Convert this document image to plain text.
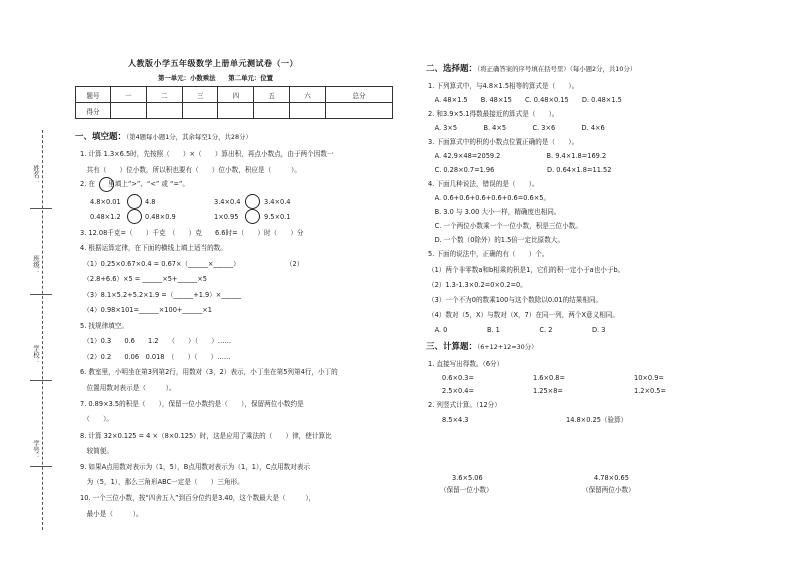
姓名：
班级：
学校：
学号：
人教版小学五年级数学上册单元测试卷（一）
第一单元：小数乘法　　第二单元：位置
题号	一	二	三	四	五	六	总分
得分							
一、填空题：（第4题每小题1分，其余每空1分，共28分）
1. 计算 1.3×6.5时，先按照（　　）×（　　）算出积，再点小数点，由于两个因数一
　共有（　　）位小数，所以积也要有（　　）位小数，积应是（　　　）。
2. 在　　里填上“>”、“<” 或 “=”。
4.8×0.01	4.8	3.4×0.4	3.4×0.4
0.48×1.2	0.48×0.9	1×0.95	9.5×0.1
3. 12.08千克=（　　）千克　（　　）克　　6.6时=（　　）时（　　）分
4. 根据运算定律，在下面的横线上填上适当的数。
　（1）0.25×0.67×0.4 = 0.67×（______×______）　　　　　　　　（2）
　（2.8+6.6）×5 = ______×5+______×5
　（3）8.1×5.2+5.2×1.9 =（______+1.9）×______
　（4）0.98×101=______×100+______×1
5. 找规律填空。
　（1）0.3　　0.6　　1.2　　（　　）（　　）……
　（2）0.2　　0.06　0.018　（　　）（　　）……
6. 教室里，小明坐在第3列第2行，用数对（3，2）表示，小丁坐在第5列第4行，小丁的
　位置用数对表示是（　　　）。
7. 0.89×3.5的积是（　　），保留一位小数约是（　　），保留两位小数约是
　（　　）。
8. 计算 32×0.125 = 4 ×（8×0.125）时，这是应用了乘法的（　　）律，使计算比
　较简便。
9. 如果A点用数对表示为（1，5），B点用数对表示为（1，1），C点用数对表示
　为（5，1），那么三角形ABC一定是（　　）三角形。
10. 一个三位小数，按“四舍五入”到百分位约是3.40，这个数最大是（　　　），
　最小是（　　　）。
二、选择题：（将正确答案的序号填在括号里）（每小题2分，共10分）
1. 下列算式中，与4.8×1.5相等的算式是（　　）。
　A. 48×1.5　　B. 48×15　　C. 0.48×0.15　　D. 0.48×1.5
2. 和3.9×5.1得数最接近的算式是（　　）。
　A. 3×5　　　　B. 4×5　　　　C. 3×6　　　　D. 4×6
3. 下面算式中的积的小数点位置正确的是（　　）。
　A. 42.9×48=2059.2　　　　　　　B. 9.4×1.8=169.2
　C. 0.28×0.7=1.96　　　　　　　　D. 0.64×1.8=11.52
4. 下面几种说法，错误的是（　　）。
　A. 0.6+0.6+0.6+0.6+0.6=0.6×5。
　B. 3.0 与 3.00 大小一样，精确度也相同。
　C. 一个两位小数乘一个一位小数，积是三位小数。
　D. 一个数（0除外）的1.5倍一定比原数大。
5. 下面的说法中，正确的有（　　）个。
（1）两个非零数a和b相乘的积是1，它们的积一定小于a也小于b。
（2）1.3-1.3×0.2=0×0.2=0。
（3）一个不为0的数乘100与这个数除以0.01的结果相同。
（4）数对（5，X）与数对（X，7）在同一列，两个X意义相同。
　A. 0　　　　　　B. 1　　　　　　C. 2　　　　　　D. 3
三、计算题：（6+12+12=30分）
1. 直接写出得数。（6分）
0.6×0.3=	1.6×0.8=	10×0.9=
2.5×0.4=	1.25×8=	1.2×0.5=
2. 列竖式计算。（12分）
8.5×4.3	14.8×0.25（验算）
3.6×5.06
（保留一位小数）
4.78×0.65
（保留两位小数）
